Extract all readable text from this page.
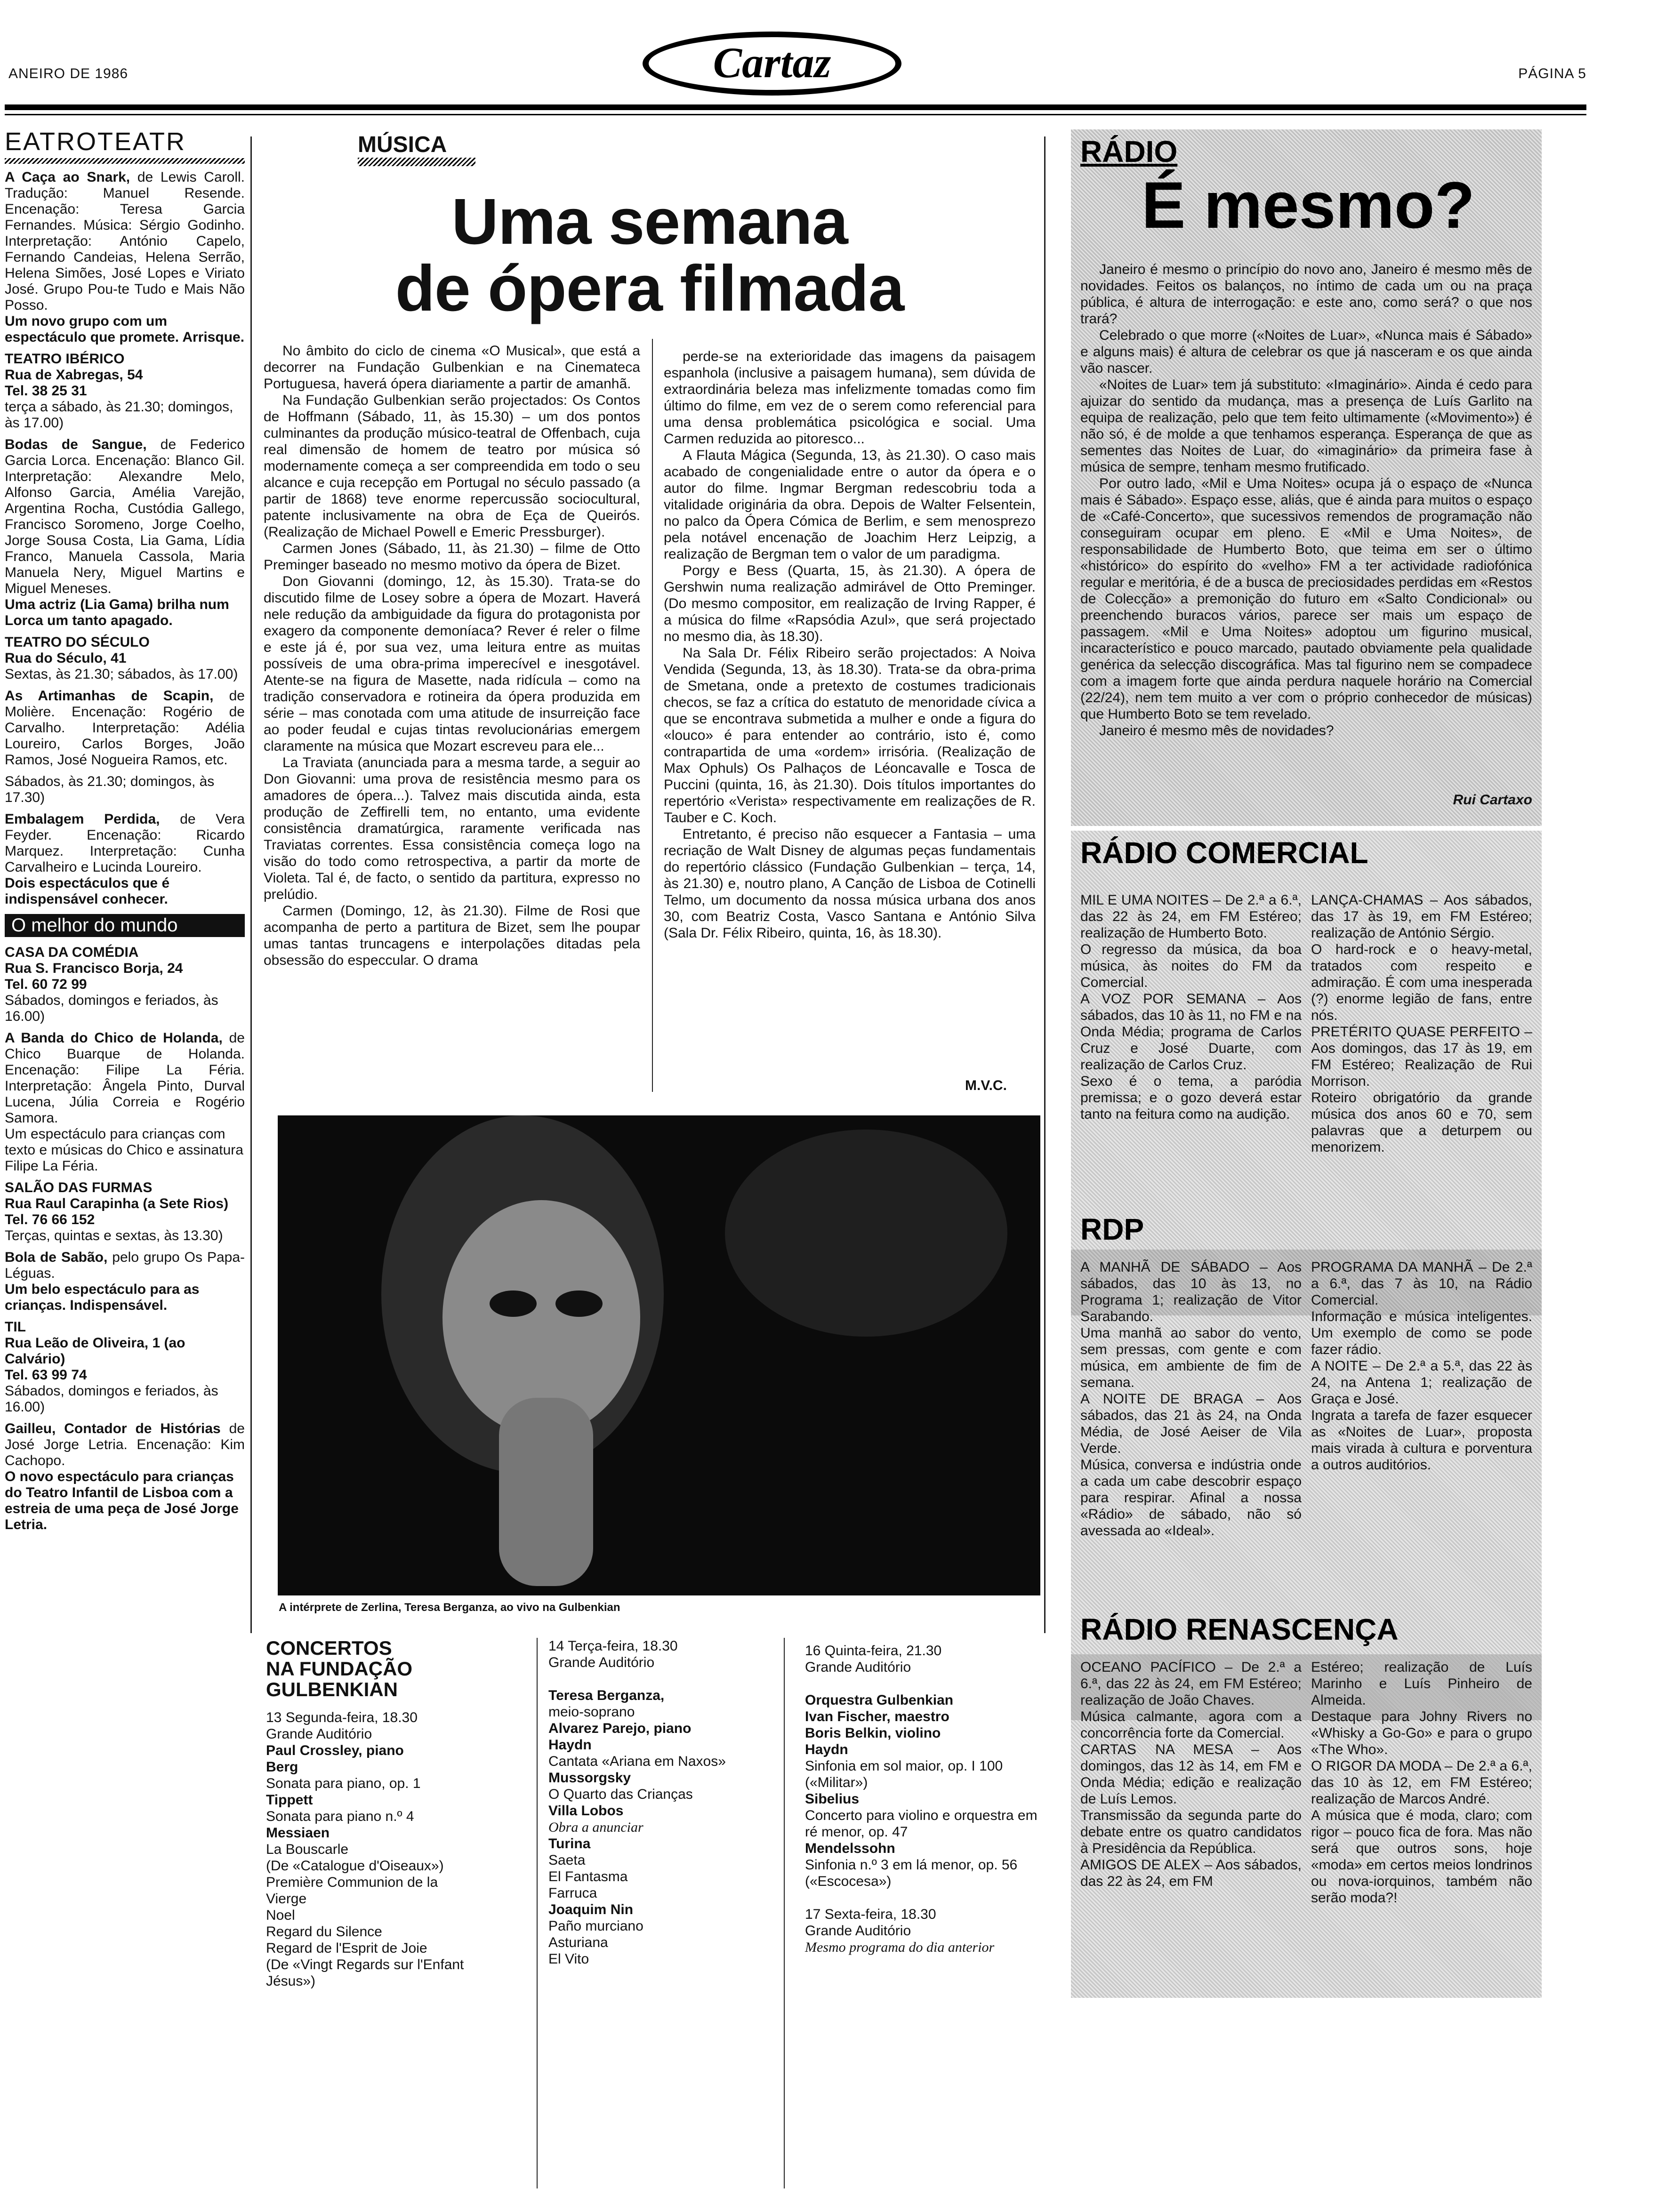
ANEIRO DE 1986	Cartaz	PÁGINA 5
EATROTEATR
A Caça ao Snark, de Lewis Caroll. Tradução: Manuel Resende. Encenação: Teresa Garcia Fernandes. Música: Sérgio Godinho. Interpretação: António Capelo, Fernando Candeias, Helena Serrão, Helena Simões, José Lopes e Viriato José. Grupo Pou-te Tudo e Mais Não Posso.
Um novo grupo com um espectáculo que promete. Arrisque.
TEATRO IBÉRICO
Rua de Xabregas, 54
Tel. 38 25 31
terça a sábado, às 21.30; domingos, às 17.00)
Bodas de Sangue, de Federico Garcia Lorca. Encenação: Blanco Gil. Interpretação: Alexandre Melo, Alfonso Garcia, Amélia Varejão, Argentina Rocha, Custódia Gallego, Francisco Soromeno, Jorge Coelho, Jorge Sousa Costa, Lia Gama, Lídia Franco, Manuela Cassola, Maria Manuela Nery, Miguel Martins e Miguel Meneses.
Uma actriz (Lia Gama) brilha num Lorca um tanto apagado.
TEATRO DO SÉCULO
Rua do Século, 41
Sextas, às 21.30; sábados, às 17.00)
As Artimanhas de Scapin, de Molière. Encenação: Rogério de Carvalho. Interpretação: Adélia Loureiro, Carlos Borges, João Ramos, José Nogueira Ramos, etc.
Sábados, às 21.30; domingos, às 17.30)
Embalagem Perdida, de Vera Feyder. Encenação: Ricardo Marquez. Interpretação: Cunha Carvalheiro e Lucinda Loureiro.
Dois espectáculos que é indispensável conhecer.
O melhor do mundo
CASA DA COMÉDIA
Rua S. Francisco Borja, 24
Tel. 60 72 99
Sábados, domingos e feriados, às 16.00)
A Banda do Chico de Holanda, de Chico Buarque de Holanda. Encenação: Filipe La Féria. Interpretação: Ângela Pinto, Durval Lucena, Júlia Correia e Rogério Samora.
Um espectáculo para crianças com texto e músicas do Chico e assinatura Filipe La Féria.
SALÃO DAS FURMAS
Rua Raul Carapinha (a Sete Rios)
Tel. 76 66 152
Terças, quintas e sextas, às 13.30)
Bola de Sabão, pelo grupo Os Papa-Léguas.
Um belo espectáculo para as crianças. Indispensável.
TIL
Rua Leão de Oliveira, 1 (ao Calvário)
Tel. 63 99 74
Sábados, domingos e feriados, às 16.00)
Gailleu, Contador de Histórias de José Jorge Letria. Encenação: Kim Cachopo.
O novo espectáculo para crianças do Teatro Infantil de Lisboa com a estreia de uma peça de José Jorge Letria.
MÚSICA
Uma semana
de ópera filmada

No âmbito do ciclo de cinema «O Musical», que está a decorrer na Fundação Gulbenkian e na Cinemateca Portuguesa, haverá ópera diariamente a partir de amanhã.

Na Fundação Gulbenkian serão projectados: Os Contos de Hoffmann (Sábado, 11, às 15.30) – um dos pontos culminantes da produção músico-teatral de Offenbach, cuja real dimensão de homem de teatro por música só modernamente começa a ser compreendida em todo o seu alcance e cuja recepção em Portugal no século passado (a partir de 1868) teve enorme repercussão sociocultural, patente inclusivamente na obra de Eça de Queirós. (Realização de Michael Powell e Emeric Pressburger).

Carmen Jones (Sábado, 11, às 21.30) – filme de Otto Preminger baseado no mesmo motivo da ópera de Bizet.

Don Giovanni (domingo, 12, às 15.30). Trata-se do discutido filme de Losey sobre a ópera de Mozart. Haverá nele redução da ambiguidade da figura do protagonista por exagero da componente demoníaca? Rever é reler o filme e este já é, por sua vez, uma leitura entre as muitas possíveis de uma obra-prima imperecível e inesgotável. Atente-se na figura de Masette, nada ridícula – como na tradição conservadora e rotineira da ópera produzida em série – mas conotada com uma atitude de insurreição face ao poder feudal e cujas tintas revolucionárias emergem claramente na música que Mozart escreveu para ele...

La Traviata (anunciada para a mesma tarde, a seguir ao Don Giovanni: uma prova de resistência mesmo para os amadores de ópera...). Talvez mais discutida ainda, esta produção de Zeffirelli tem, no entanto, uma evidente consistência dramatúrgica, raramente verificada nas Traviatas correntes. Essa consistência começa logo na visão do todo como retrospectiva, a partir da morte de Violeta. Tal é, de facto, o sentido da partitura, expresso no prelúdio.

Carmen (Domingo, 12, às 21.30). Filme de Rosi que acompanha de perto a partitura de Bizet, sem lhe poupar umas tantas truncagens e interpolações ditadas pela obsessão do especcular. O drama

perde-se na exterioridade das imagens da paisagem espanhola (inclusive a paisagem humana), sem dúvida de extraordinária beleza mas infelizmente tomadas como fim último do filme, em vez de o serem como referencial para uma densa problemática psicológica e social. Uma Carmen reduzida ao pitoresco...

A Flauta Mágica (Segunda, 13, às 21.30). O caso mais acabado de congenialidade entre o autor da ópera e o autor do filme. Ingmar Bergman redescobriu toda a vitalidade originária da obra. Depois de Walter Felsentein, no palco da Ópera Cómica de Berlim, e sem menosprezo pela notável encenação de Joachim Herz Leipzig, a realização de Bergman tem o valor de um paradigma.

Porgy e Bess (Quarta, 15, às 21.30). A ópera de Gershwin numa realização admirável de Otto Preminger. (Do mesmo compositor, em realização de Irving Rapper, é a música do filme «Rapsódia Azul», que será projectado no mesmo dia, às 18.30).

Na Sala Dr. Félix Ribeiro serão projectados: A Noiva Vendida (Segunda, 13, às 18.30). Trata-se da obra-prima de Smetana, onde a pretexto de costumes tradicionais checos, se faz a crítica do estatuto de menoridade cívica a que se encontrava submetida a mulher e onde a figura do «louco» é para entender ao contrário, isto é, como contrapartida de uma «ordem» irrisória. (Realização de Max Ophuls) Os Palhaços de Léoncavalle e Tosca de Puccini (quinta, 16, às 21.30). Dois títulos importantes do repertório «Verista» respectivamente em realizações de R. Tauber e C. Koch.

Entretanto, é preciso não esquecer a Fantasia – uma recriação de Walt Disney de algumas peças fundamentais do repertório clássico (Fundação Gulbenkian – terça, 14, às 21.30) e, noutro plano, A Canção de Lisboa de Cotinelli Telmo, um documento da nossa música urbana dos anos 30, com Beatriz Costa, Vasco Santana e António Silva (Sala Dr. Félix Ribeiro, quinta, 16, às 18.30).

M.V.C.
A intérprete de Zerlina, Teresa Berganza, ao vivo na Gulbenkian
CONCERTOS
NA FUNDAÇÃO
GULBENKIAN
13 Segunda-feira, 18.30
Grande Auditório
Paul Crossley, piano
Berg
Sonata para piano, op. 1
Tippett
Sonata para piano n.º 4
Messiaen
La Bouscarle
(De «Catalogue d'Oiseaux»)
Première Communion de la Vierge
Noel
Regard du Silence
Regard de l'Esprit de Joie
(De «Vingt Regards sur l'Enfant Jésus»)
14 Terça-feira, 18.30
Grande Auditório

Teresa Berganza,
meio-soprano
Alvarez Parejo, piano
Haydn
Cantata «Ariana em Naxos»
Mussorgsky
O Quarto das Crianças
Villa Lobos
Obra a anunciar
Turina
Saeta
El Fantasma
Farruca
Joaquim Nin
Paño murciano
Asturiana
El Vito
16 Quinta-feira, 21.30
Grande Auditório

Orquestra Gulbenkian
Ivan Fischer, maestro
Boris Belkin, violino
Haydn
Sinfonia em sol maior, op. I 100
(«Militar»)
Sibelius
Concerto para violino e orquestra em ré menor, op. 47
Mendelssohn
Sinfonia n.º 3 em lá menor, op. 56 («Escocesa»)

17 Sexta-feira, 18.30
Grande Auditório
Mesmo programa do dia anterior
RÁDIO
É mesmo?

Janeiro é mesmo o princípio do novo ano, Janeiro é mesmo mês de novidades. Feitos os balanços, no íntimo de cada um ou na praça pública, é altura de interrogação: e este ano, como será? o que nos trará?

Celebrado o que morre («Noites de Luar», «Nunca mais é Sábado» e alguns mais) é altura de celebrar os que já nasceram e os que ainda vão nascer.

«Noites de Luar» tem já substituto: «Imaginário». Ainda é cedo para ajuizar do sentido da mudança, mas a presença de Luís Garlito na equipa de realização, pelo que tem feito ultimamente («Movimento») é não só, é de molde a que tenhamos esperança. Esperança de que as sementes das Noites de Luar, do «imaginário» da primeira fase à música de sempre, tenham mesmo frutificado.

Por outro lado, «Mil e Uma Noites» ocupa já o espaço de «Nunca mais é Sábado». Espaço esse, aliás, que é ainda para muitos o espaço de «Café-Concerto», que sucessivos remendos de programação não conseguiram ocupar em pleno. E «Mil e Uma Noites», de responsabilidade de Humberto Boto, que teima em ser o último «histórico» do espírito do «velho» FM a ter actividade radiofónica regular e meritória, é de a busca de preciosidades perdidas em «Restos de Colecção» a premonição do futuro em «Salto Condicional» ou preenchendo buracos vários, parece ser mais um espaço de passagem. «Mil e Uma Noites» adoptou um figurino musical, incaracterístico e pouco marcado, pautado obviamente pela qualidade genérica da selecção discográfica. Mas tal figurino nem se compadece com a imagem forte que ainda perdura naquele horário na Comercial (22/24), nem tem muito a ver com o próprio conhecedor de músicas) que Humberto Boto se tem revelado.

Janeiro é mesmo mês de novidades?

Rui Cartaxo
RÁDIO COMERCIAL

MIL E UMA NOITES – De 2.ª a 6.ª, das 22 às 24, em FM Estéreo; realização de Humberto Boto.

O regresso da música, da boa música, às noites do FM da Comercial.

A VOZ POR SEMANA – Aos sábados, das 10 às 11, no FM e na Onda Média; programa de Carlos Cruz e José Duarte, com realização de Carlos Cruz.

Sexo é o tema, a paródia premissa; e o gozo deverá estar tanto na feitura como na audição.

LANÇA-CHAMAS – Aos sábados, das 17 às 19, em FM Estéreo; realização de António Sérgio.

O hard-rock e o heavy-metal, tratados com respeito e admiração. É com uma inesperada (?) enorme legião de fans, entre nós.

PRETÉRITO QUASE PERFEITO – Aos domingos, das 17 às 19, em FM Estéreo; Realização de Rui Morrison.

Roteiro obrigatório da grande música dos anos 60 e 70, sem palavras que a deturpem ou menorizem.

RDP

A MANHÃ DE SÁBADO – Aos sábados, das 10 às 13, no Programa 1; realização de Vitor Sarabando.

Uma manhã ao sabor do vento, sem pressas, com gente e com música, em ambiente de fim de semana.

A NOITE DE BRAGA – Aos sábados, das 21 às 24, na Onda Média, de José Aeiser de Vila Verde.

Música, conversa e indústria onde a cada um cabe descobrir espaço para respirar. Afinal a nossa «Rádio» de sábado, não só avessada ao «Ideal».

PROGRAMA DA MANHÃ – De 2.ª a 6.ª, das 7 às 10, na Rádio Comercial.

Informação e música inteligentes. Um exemplo de como se pode fazer rádio.

A NOITE – De 2.ª a 5.ª, das 22 às 24, na Antena 1; realização de Graça e José.

Ingrata a tarefa de fazer esquecer as «Noites de Luar», proposta mais virada à cultura e porventura a outros auditórios.

RÁDIO RENASCENÇA

OCEANO PACÍFICO – De 2.ª a 6.ª, das 22 às 24, em FM Estéreo; realização de João Chaves.

Música calmante, agora com a concorrência forte da Comercial.

CARTAS NA MESA – Aos domingos, das 12 às 14, em FM e Onda Média; edição e realização de Luís Lemos.

Transmissão da segunda parte do debate entre os quatro candidatos à Presidência da República.

AMIGOS DE ALEX – Aos sábados, das 22 às 24, em FM

Estéreo; realização de Luís Marinho e Luís Pinheiro de Almeida.

Destaque para Johny Rivers no «Whisky a Go-Go» e para o grupo «The Who».

O RIGOR DA MODA – De 2.ª a 6.ª, das 10 às 12, em FM Estéreo; realização de Marcos André.

A música que é moda, claro; com rigor – pouco fica de fora. Mas não será que outros sons, hoje «moda» em certos meios londrinos ou nova-iorquinos, também não serão moda?!
